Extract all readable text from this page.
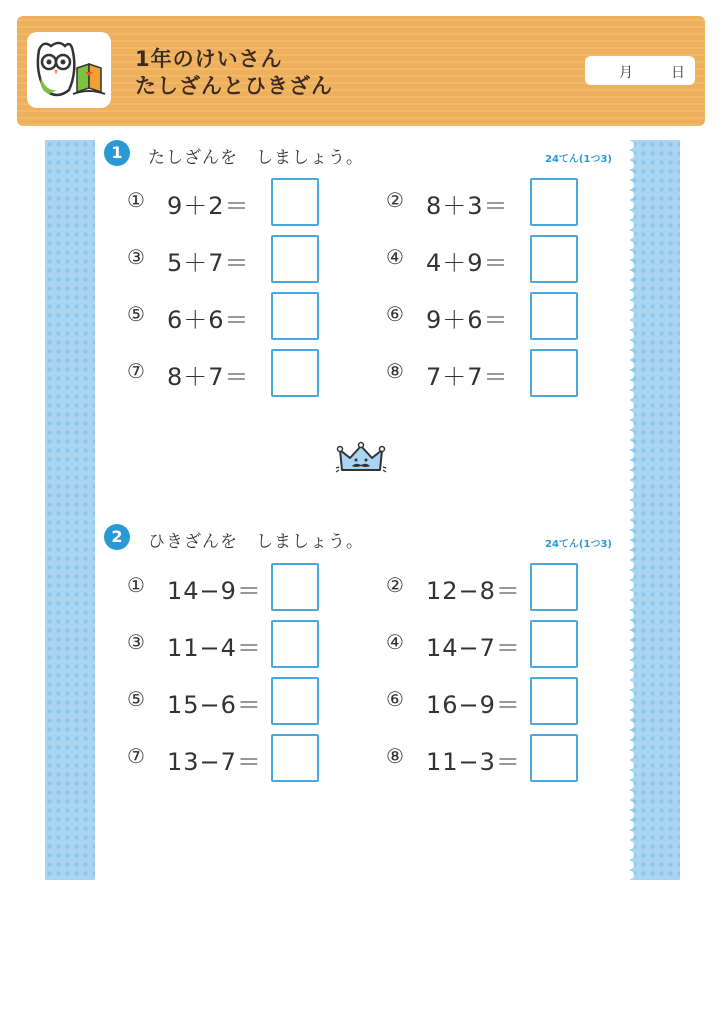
1年のけいさん
たしざんとひきざん
月	日
1	たしざんを　しましょう。	24てん(1つ3)
① 9＋2＝	② 8＋3＝
③ 5＋7＝	④ 4＋9＝
⑤ 6＋6＝	⑥ 9＋6＝
⑦ 8＋7＝	⑧ 7＋7＝
2	ひきざんを　しましょう。	24てん(1つ3)
① 14−9＝	② 12−8＝
③ 11−4＝	④ 14−7＝
⑤ 15−6＝	⑥ 16−9＝
⑦ 13−7＝	⑧ 11−3＝
